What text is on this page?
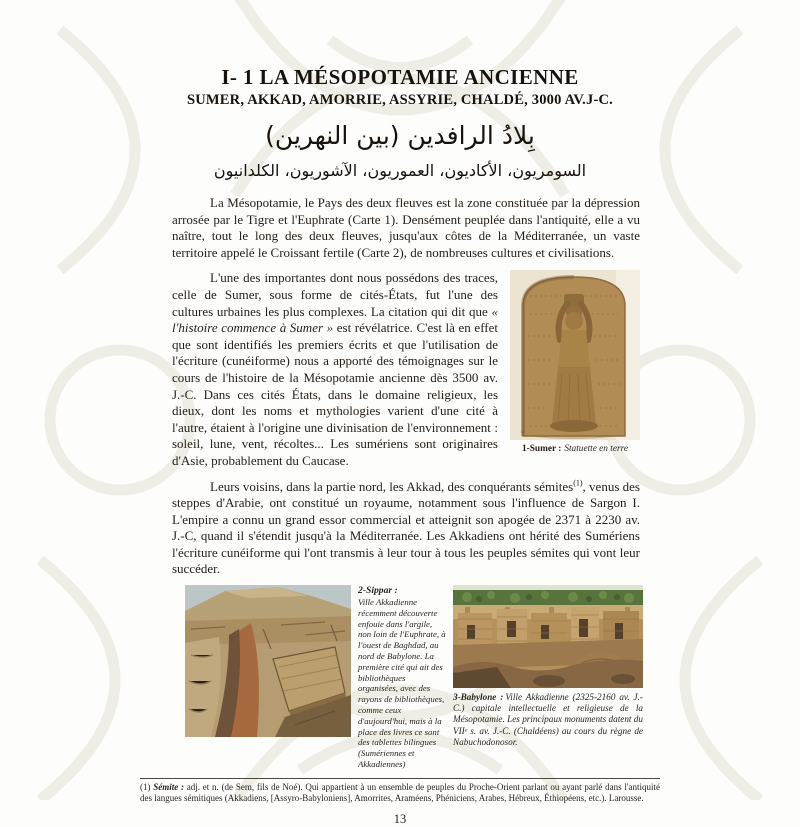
I- 1 LA MÉSOPOTAMIE ANCIENNE
SUMER, AKKAD, AMORRIE, ASSYRIE, CHALDÉ, 3000 AV.J-C.
بِلادُ الرافدين (بين النهرين)
السومريون، الأكاديون، العموريون، الآشوريون، الكلدانيون

La Mésopotamie, le Pays des deux fleuves est la zone constituée par la dépression arrosée par le Tigre et l'Euphrate (Carte 1). Densément peuplée dans l'antiquité, elle a vu naître, tout le long des deux fleuves, jusqu'aux côtes de la Méditerranée, un vaste territoire appelé le Croissant fertile (Carte 2), de nombreuses cultures et civilisations.

1-Sumer : Statuette en terre

L'une des importantes dont nous possédons des traces, celle de Sumer, sous forme de cités-États, fut l'une des cultures urbaines les plus complexes. La citation qui dit que « l'histoire commence à Sumer » est révélatrice. C'est là en effet que sont identifiés les premiers écrits et que l'utilisation de l'écriture (cunéiforme) nous a apporté des témoignages sur le cours de l'histoire de la Mésopotamie ancienne dès 3500 av. J.-C. Dans ces cités États, dans le domaine religieux, les dieux, dont les noms et mythologies varient d'une cité à l'autre, étaient à l'origine une divinisation de l'environnement : soleil, lune, vent, récoltes... Les sumériens sont originaires d'Asie, probablement du Caucase.

Leurs voisins, dans la partie nord, les Akkad, des conquérants sémites$^{(1)}$, venus des steppes d'Arabie, ont constitué un royaume, notamment sous l'influence de Sargon I. L'empire a connu un grand essor commercial et atteignit son apogée de 2371 à 2230 av. J.-C, quand il s'étendit jusqu'à la Méditerranée. Les Akkadiens ont hérité des Sumériens l'écriture cunéiforme qui l'ont transmis à leur tour à tous les peuples sémites qui vont leur succéder.

2-Sippar :
Ville Akkadienne récemment découverte enfouie dans l'argile, non loin de l'Euphrate, à l'ouest de Baghdad, au nord de Babylone. La première cité qui ait des bibliothèques organisées, avec des rayons de bibliothèques, comme ceux d'aujourd'hui, mais à la place des livres ce sont des tablettes bilingues (Sumériennes et Akkadiennes)
3-Babylone : Ville Akkadienne (2325-2160 av. J.-C.) capitale intellectuelle et religieuse de la Mésopotamie. Les principaux monuments datent du VIIᵉ s. av. J.-C. (Chaldéens) au cours du règne de Nabuchodonosor.
(1) Sémite : adj. et n. (de Sem, fils de Noé). Qui appartient à un ensemble de peuples du Proche-Orient parlant ou ayant parlé dans l'antiquité des langues sémitiques (Akkadiens, [Assyro-Babyloniens], Amorrites, Araméens, Phéniciens, Arabes, Hébreux, Éthiopéens, etc.). Larousse.
13
